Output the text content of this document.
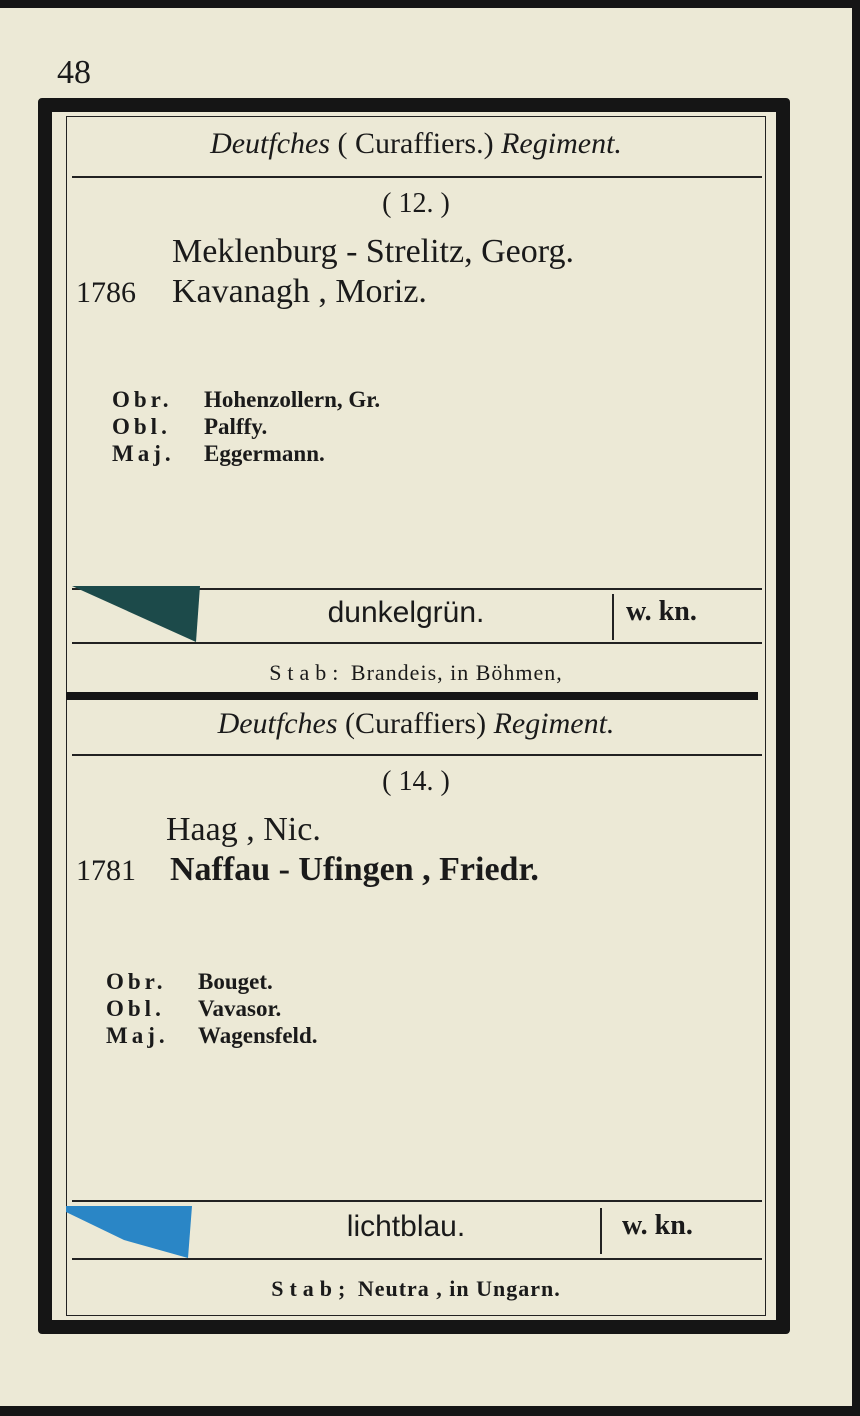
48
Deutfches ( Curaffiers.) Regiment.
( 12. )
Meklenburg - Strelitz, Georg.
1786 Kavanagh , Moriz.
Obr. Hohenzollern, Gr.
Obl. Palffy.
Maj. Eggermann.
dunkelgrün.	w. kn.
Stab: Brandeis, in Böhmen,
Deutfches (Curaffiers) Regiment.
( 14. )
Haag , Nic.
1781 Naffau - Ufingen , Friedr.
Obr. Bouget.
Obl. Vavasor.
Maj. Wagensfeld.
lichtblau.	w. kn.
Stab; Neutra , in Ungarn.
